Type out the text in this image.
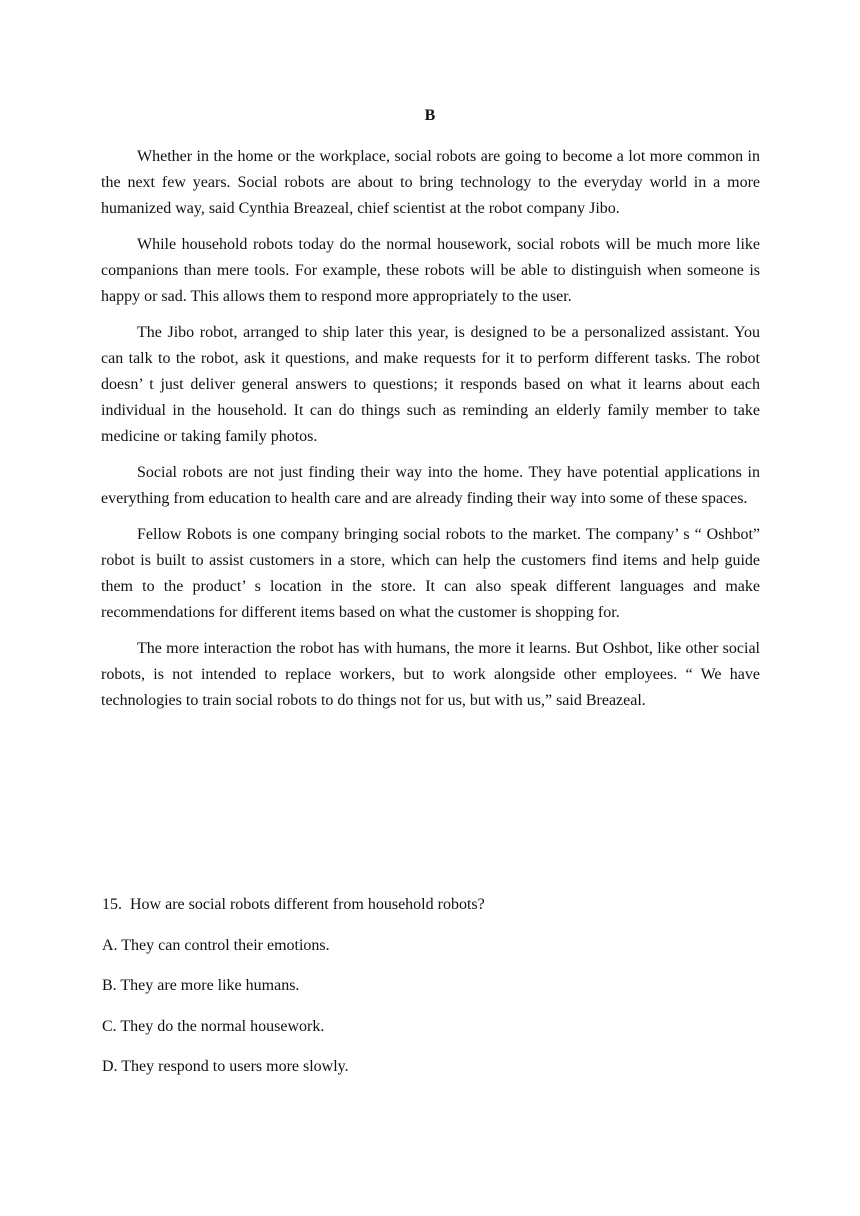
B

Whether in the home or the workplace, social robots are going to become a lot more common in the next few years. Social robots are about to bring technology to the everyday world in a more humanized way, said Cynthia Breazeal, chief scientist at the robot company Jibo.

While household robots today do the normal housework, social robots will be much more like companions than mere tools. For example, these robots will be able to distinguish when someone is happy or sad. This allows them to respond more appropriately to the user.

The Jibo robot, arranged to ship later this year, is designed to be a personalized assistant. You can talk to the robot, ask it questions, and make requests for it to perform different tasks. The robot doesn’ t just deliver general answers to questions; it responds based on what it learns about each individual in the household. It can do things such as reminding an elderly family member to take medicine or taking family photos.

Social robots are not just finding their way into the home. They have potential applications in everything from education to health care and are already finding their way into some of these spaces.

Fellow Robots is one company bringing social robots to the market. The company’ s “ Oshbot” robot is built to assist customers in a store, which can help the customers find items and help guide them to the product’ s location in the store. It can also speak different languages and make recommendations for different items based on what the customer is shopping for.

The more interaction the robot has with humans, the more it learns. But Oshbot, like other social robots, is not intended to replace workers, but to work alongside other employees. “ We have technologies to train social robots to do things not for us, but with us,” said Breazeal.

15. How are social robots different from household robots?

A. They can control their emotions.

B. They are more like humans.

C. They do the normal housework.

D. They respond to users more slowly.
